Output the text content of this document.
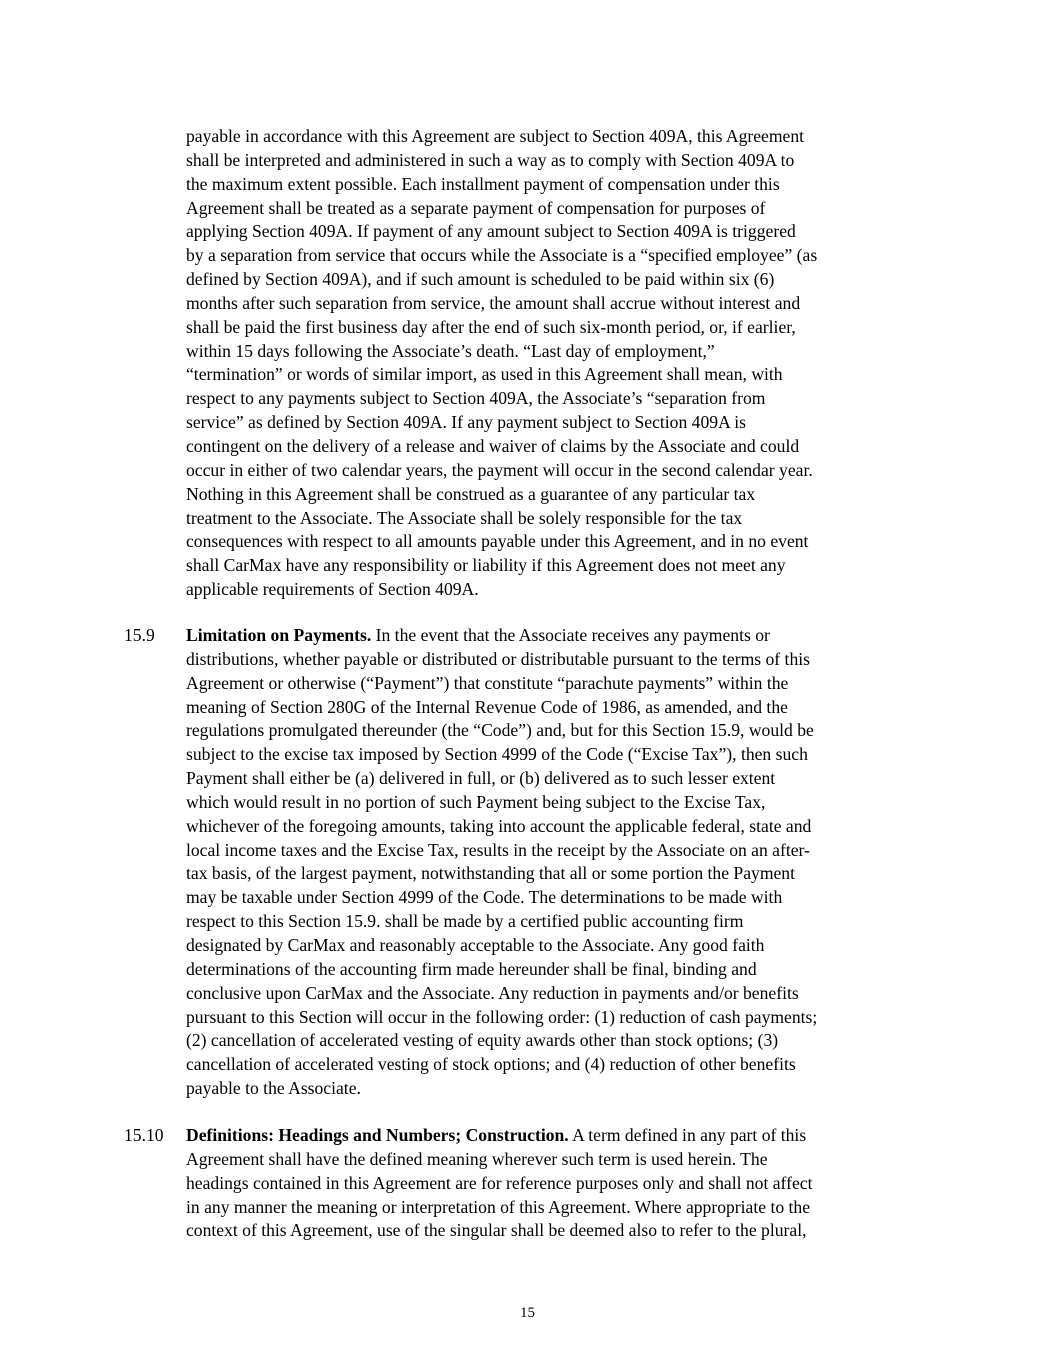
payable in accordance with this Agreement are subject to Section 409A, this Agreement
shall be interpreted and administered in such a way as to comply with Section 409A to
the maximum extent possible. Each installment payment of compensation under this
Agreement shall be treated as a separate payment of compensation for purposes of
applying Section 409A. If payment of any amount subject to Section 409A is triggered
by a separation from service that occurs while the Associate is a “specified employee” (as
defined by Section 409A), and if such amount is scheduled to be paid within six (6)
months after such separation from service, the amount shall accrue without interest and
shall be paid the first business day after the end of such six-month period, or, if earlier,
within 15 days following the Associate’s death. “Last day of employment,”
“termination” or words of similar import, as used in this Agreement shall mean, with
respect to any payments subject to Section 409A, the Associate’s “separation from
service” as defined by Section 409A. If any payment subject to Section 409A is
contingent on the delivery of a release and waiver of claims by the Associate and could
occur in either of two calendar years, the payment will occur in the second calendar year.
Nothing in this Agreement shall be construed as a guarantee of any particular tax
treatment to the Associate. The Associate shall be solely responsible for the tax
consequences with respect to all amounts payable under this Agreement, and in no event
shall CarMax have any responsibility or liability if this Agreement does not meet any
applicable requirements of Section 409A.
15.9	Limitation on Payments. In the event that the Associate receives any payments or
distributions, whether payable or distributed or distributable pursuant to the terms of this
Agreement or otherwise (“Payment”) that constitute “parachute payments” within the
meaning of Section 280G of the Internal Revenue Code of 1986, as amended, and the
regulations promulgated thereunder (the “Code”) and, but for this Section 15.9, would be
subject to the excise tax imposed by Section 4999 of the Code (“Excise Tax”), then such
Payment shall either be (a) delivered in full, or (b) delivered as to such lesser extent
which would result in no portion of such Payment being subject to the Excise Tax,
whichever of the foregoing amounts, taking into account the applicable federal, state and
local income taxes and the Excise Tax, results in the receipt by the Associate on an after-
tax basis, of the largest payment, notwithstanding that all or some portion the Payment
may be taxable under Section 4999 of the Code. The determinations to be made with
respect to this Section 15.9. shall be made by a certified public accounting firm
designated by CarMax and reasonably acceptable to the Associate. Any good faith
determinations of the accounting firm made hereunder shall be final, binding and
conclusive upon CarMax and the Associate. Any reduction in payments and/or benefits
pursuant to this Section will occur in the following order: (1) reduction of cash payments;
(2) cancellation of accelerated vesting of equity awards other than stock options; (3)
cancellation of accelerated vesting of stock options; and (4) reduction of other benefits
payable to the Associate.
15.10	Definitions: Headings and Numbers; Construction. A term defined in any part of this
Agreement shall have the defined meaning wherever such term is used herein. The
headings contained in this Agreement are for reference purposes only and shall not affect
in any manner the meaning or interpretation of this Agreement. Where appropriate to the
context of this Agreement, use of the singular shall be deemed also to refer to the plural,
15
